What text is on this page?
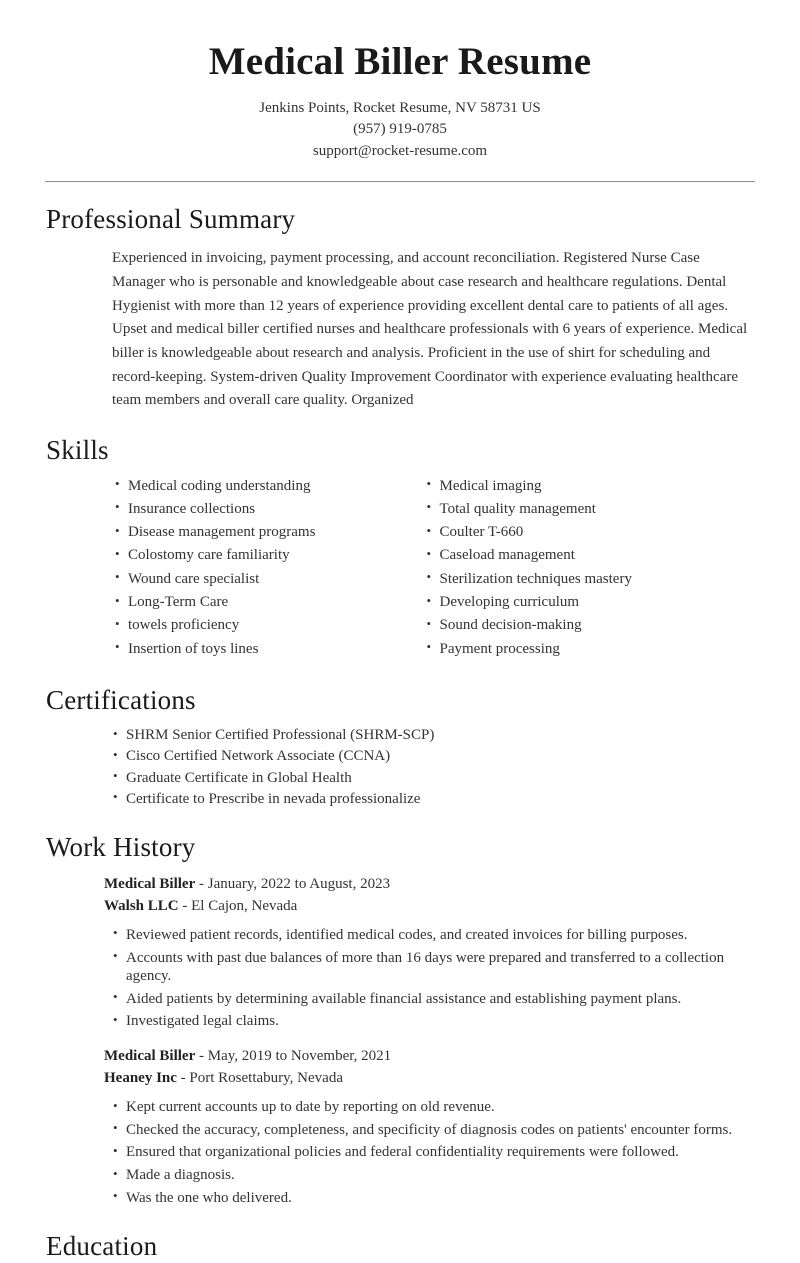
Medical Biller Resume
Jenkins Points, Rocket Resume, NV 58731 US
(957) 919-0785
support@rocket-resume.com
Professional Summary

Experienced in invoicing, payment processing, and account reconciliation. Registered Nurse Case Manager who is personable and knowledgeable about case research and healthcare regulations. Dental Hygienist with more than 12 years of experience providing excellent dental care to patients of all ages. Upset and medical biller certified nurses and healthcare professionals with 6 years of experience. Medical biller is knowledgeable about research and analysis. Proficient in the use of shirt for scheduling and record-keeping. System-driven Quality Improvement Coordinator with experience evaluating healthcare team members and overall care quality. Organized

Skills
• Medical coding understanding
• Insurance collections
• Disease management programs
• Colostomy care familiarity
• Wound care specialist
• Long-Term Care
• towels proficiency
• Insertion of toys lines
• Medical imaging
• Total quality management
• Coulter T-660
• Caseload management
• Sterilization techniques mastery
• Developing curriculum
• Sound decision-making
• Payment processing
Certifications
• SHRM Senior Certified Professional (SHRM-SCP)
• Cisco Certified Network Associate (CCNA)
• Graduate Certificate in Global Health
• Certificate to Prescribe in nevada professionalize
Work History
Medical Biller - January, 2022 to August, 2023
Walsh LLC - El Cajon, Nevada
• Reviewed patient records, identified medical codes, and created invoices for billing purposes.
• Accounts with past due balances of more than 16 days were prepared and transferred to a collection agency.
• Aided patients by determining available financial assistance and establishing payment plans.
• Investigated legal claims.
Medical Biller - May, 2019 to November, 2021
Heaney Inc - Port Rosettabury, Nevada
• Kept current accounts up to date by reporting on old revenue.
• Checked the accuracy, completeness, and specificity of diagnosis codes on patients' encounter forms.
• Ensured that organizational policies and federal confidentiality requirements were followed.
• Made a diagnosis.
• Was the one who delivered.
Education
